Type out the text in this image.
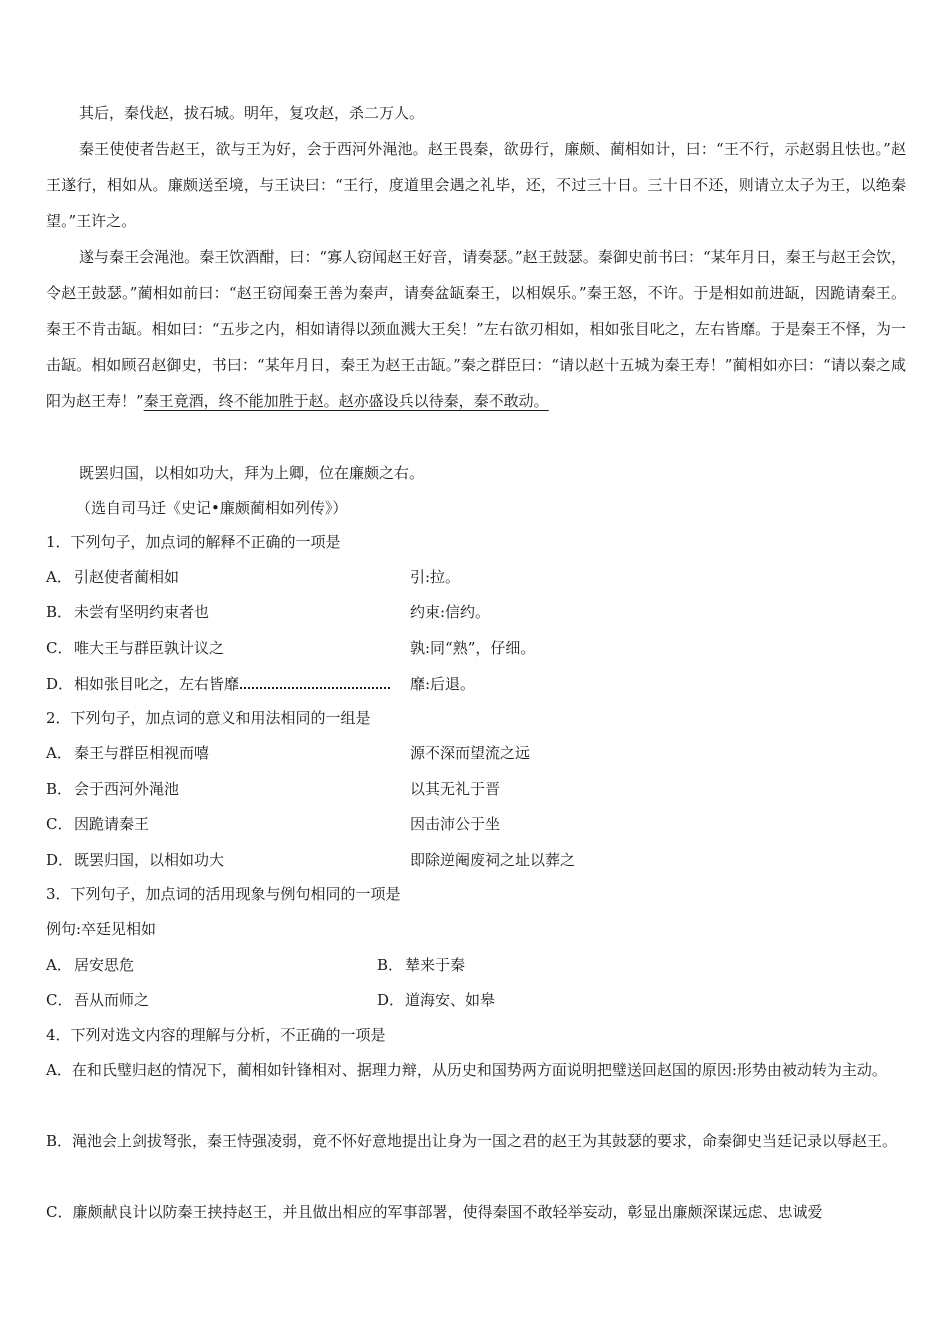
其后，秦伐赵，拔石城。明年，复攻赵，杀二万人。

秦王使使者告赵王，欲与王为好，会于西河外渑池。赵王畏秦，欲毋行，廉颇、蔺相如计，曰：“王不行，示赵弱且怯也。”赵王遂行，相如从。廉颇送至境，与王诀曰：“王行，度道里会遇之礼毕，还，不过三十日。三十日不还，则请立太子为王，以绝秦望。”王许之。

遂与秦王会渑池。秦王饮酒酣，曰：“寡人窃闻赵王好音，请奏瑟。”赵王鼓瑟。秦御史前书曰：“某年月日，秦王与赵王会饮，令赵王鼓瑟。”蔺相如前曰：“赵王窃闻秦王善为秦声，请奏盆缻秦王，以相娱乐。”秦王怒，不许。于是相如前进缻，因跪请秦王。秦王不肯击缻。相如曰：“五步之内，相如请得以颈血溅大王矣！”左右欲刃相如，相如张目叱之，左右皆靡。于是秦王不怿，为一击缻。相如顾召赵御史，书曰：“某年月日，秦王为赵王击缻。”秦之群臣曰：“请以赵十五城为秦王寿！”蔺相如亦曰：“请以秦之咸阳为赵王寿！”秦王竟酒，终不能加胜于赵。赵亦盛设兵以待秦，秦不敢动。

既罢归国，以相如功大，拜为上卿，位在廉颇之右。

（选自司马迁《史记•廉颇蔺相如列传》）

1．下列句子，加点词的解释不正确的一项是

A． 引赵使者蔺相如	引:拉。
B． 未尝有坚明约束者也	约束:信约。
C． 唯大王与群臣孰计议之	孰:同“熟”，仔细。
D．相如张目叱之，左右皆靡	靡:后退。

2．下列句子，加点词的意义和用法相同的一组是

A． 秦王与群臣相视而嘻	源不深而望流之远
B． 会于西河外渑池	以其无礼于晋
C． 因跪请秦王	因击沛公于坐
D．既罢归国，以相如功大	即除逆阉废祠之址以葬之

3．下列句子，加点词的活用现象与例句相同的一项是

例句:卒廷见相如

A． 居安思危	B． 辇来于秦
C． 吾从而师之	D．道海安、如皋

4．下列对选文内容的理解与分析，不正确的一项是

A．在和氏璧归赵的情况下，蔺相如针锋相对、据理力辩，从历史和国势两方面说明把璧送回赵国的原因:形势由被动转为主动。

B．渑池会上剑拔弩张，秦王恃强凌弱，竟不怀好意地提出让身为一国之君的赵王为其鼓瑟的要求，命秦御史当廷记录以辱赵王。

C．廉颇献良计以防秦王挟持赵王，并且做出相应的军事部署，使得秦国不敢轻举妄动，彰显出廉颇深谋远虑、忠诚爱
